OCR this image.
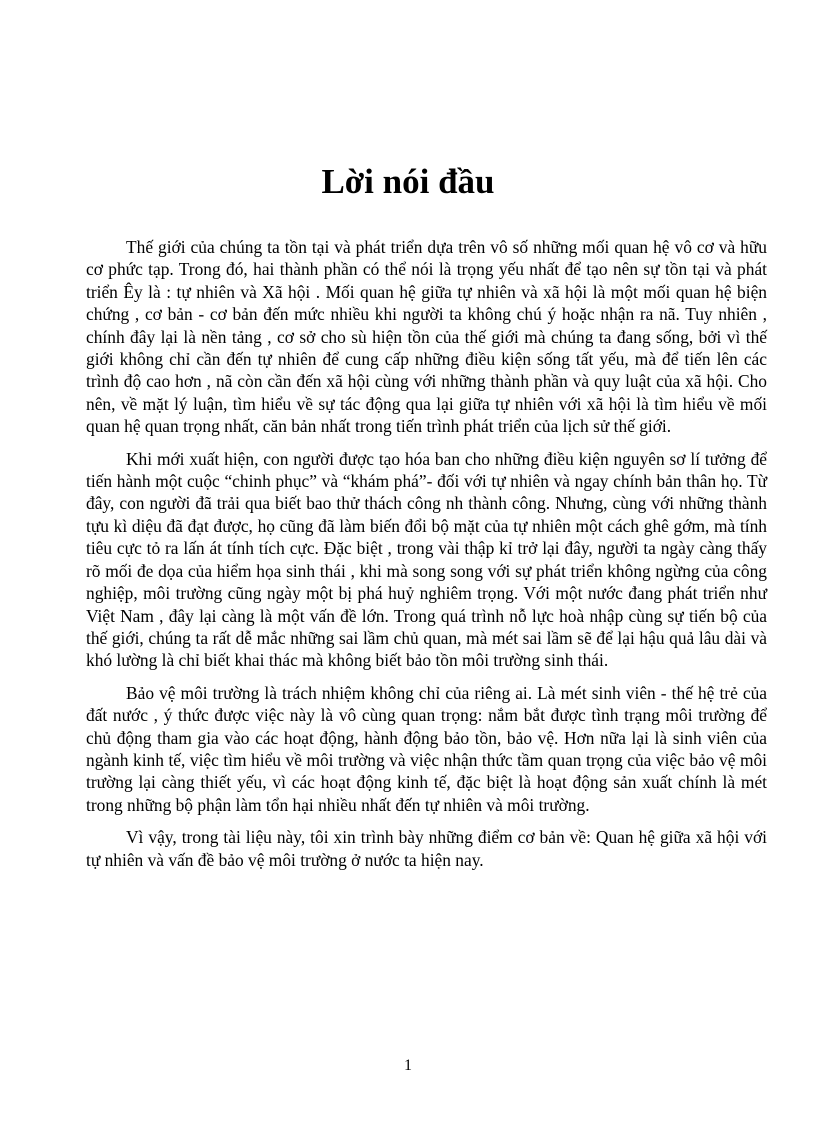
Lời nói đầu

Thế giới của chúng ta tồn tại và phát triển dựa trên vô số những mối quan hệ vô cơ và hữu cơ phức tạp. Trong đó, hai thành phần có thể nói là trọng yếu nhất để tạo nên sự tồn tại và phát triển Êy là : tự nhiên và Xã hội . Mối quan hệ giữa tự nhiên và xã hội là một mối quan hệ biện chứng , cơ bản - cơ bản đến mức nhiều khi người ta không chú ý hoặc nhận ra nã. Tuy nhiên , chính đây lại là nền tảng , cơ sở cho sù hiện tồn của thế giới mà chúng ta đang sống, bởi vì thế giới không chỉ cần đến tự nhiên để cung cấp những điều kiện sống tất yếu, mà để tiến lên các trình độ cao hơn , nã còn cần đến xã hội cùng với những thành phần và quy luật của xã hội. Cho nên, về mặt lý luận, tìm hiểu về sự tác động qua lại giữa tự nhiên với xã hội là tìm hiểu về mối quan hệ quan trọng nhất, căn bản nhất trong tiến trình phát triển của lịch sử thế giới.

Khi mới xuất hiện, con người được tạo hóa ban cho những điều kiện nguyên sơ lí tưởng để tiến hành một cuộc “chinh phục” và “khám phá”- đối với tự nhiên và ngay chính bản thân họ. Từ đây, con người đã trải qua biết bao thử thách công nh thành công. Nhưng, cùng với những thành tựu kì diệu đã đạt được, họ cũng đã làm biến đổi bộ mặt của tự nhiên một cách ghê gớm, mà tính tiêu cực tỏ ra lấn át tính tích cực. Đặc biệt , trong vài thập kỉ trở lại đây, người ta ngày càng thấy rõ mối đe dọa của hiểm họa sinh thái , khi mà song song với sự phát triển không ngừng của công nghiệp, môi trường cũng ngày một bị phá huỷ nghiêm trọng. Với một nước đang phát triển như Việt Nam , đây lại càng là một vấn đề lớn. Trong quá trình nỗ lực hoà nhập cùng sự tiến bộ của thế giới, chúng ta rất dễ mắc những sai lầm chủ quan, mà mét sai lầm sẽ để lại hậu quả lâu dài và khó lường là chỉ biết khai thác mà không biết bảo tồn môi trường sinh thái.

Bảo vệ môi trường là trách nhiệm không chỉ của riêng ai. Là mét sinh viên - thế hệ trẻ của đất nước , ý thức được việc này là vô cùng quan trọng: nắm bắt được tình trạng môi trường để chủ động tham gia vào các hoạt động, hành động bảo tồn, bảo vệ. Hơn nữa lại là sinh viên của ngành kinh tế, việc tìm hiểu về môi trường và việc nhận thức tầm quan trọng của việc bảo vệ môi trường lại càng thiết yếu, vì các hoạt động kinh tế, đặc biệt là hoạt động sản xuất chính là mét trong những bộ phận làm tổn hại nhiều nhất đến tự nhiên và môi trường.

Vì vậy, trong tài liệu này, tôi xin trình bày những điểm cơ bản về: Quan hệ giữa xã hội với tự nhiên và vấn đề bảo vệ môi trường ở nước ta hiện nay.

1
